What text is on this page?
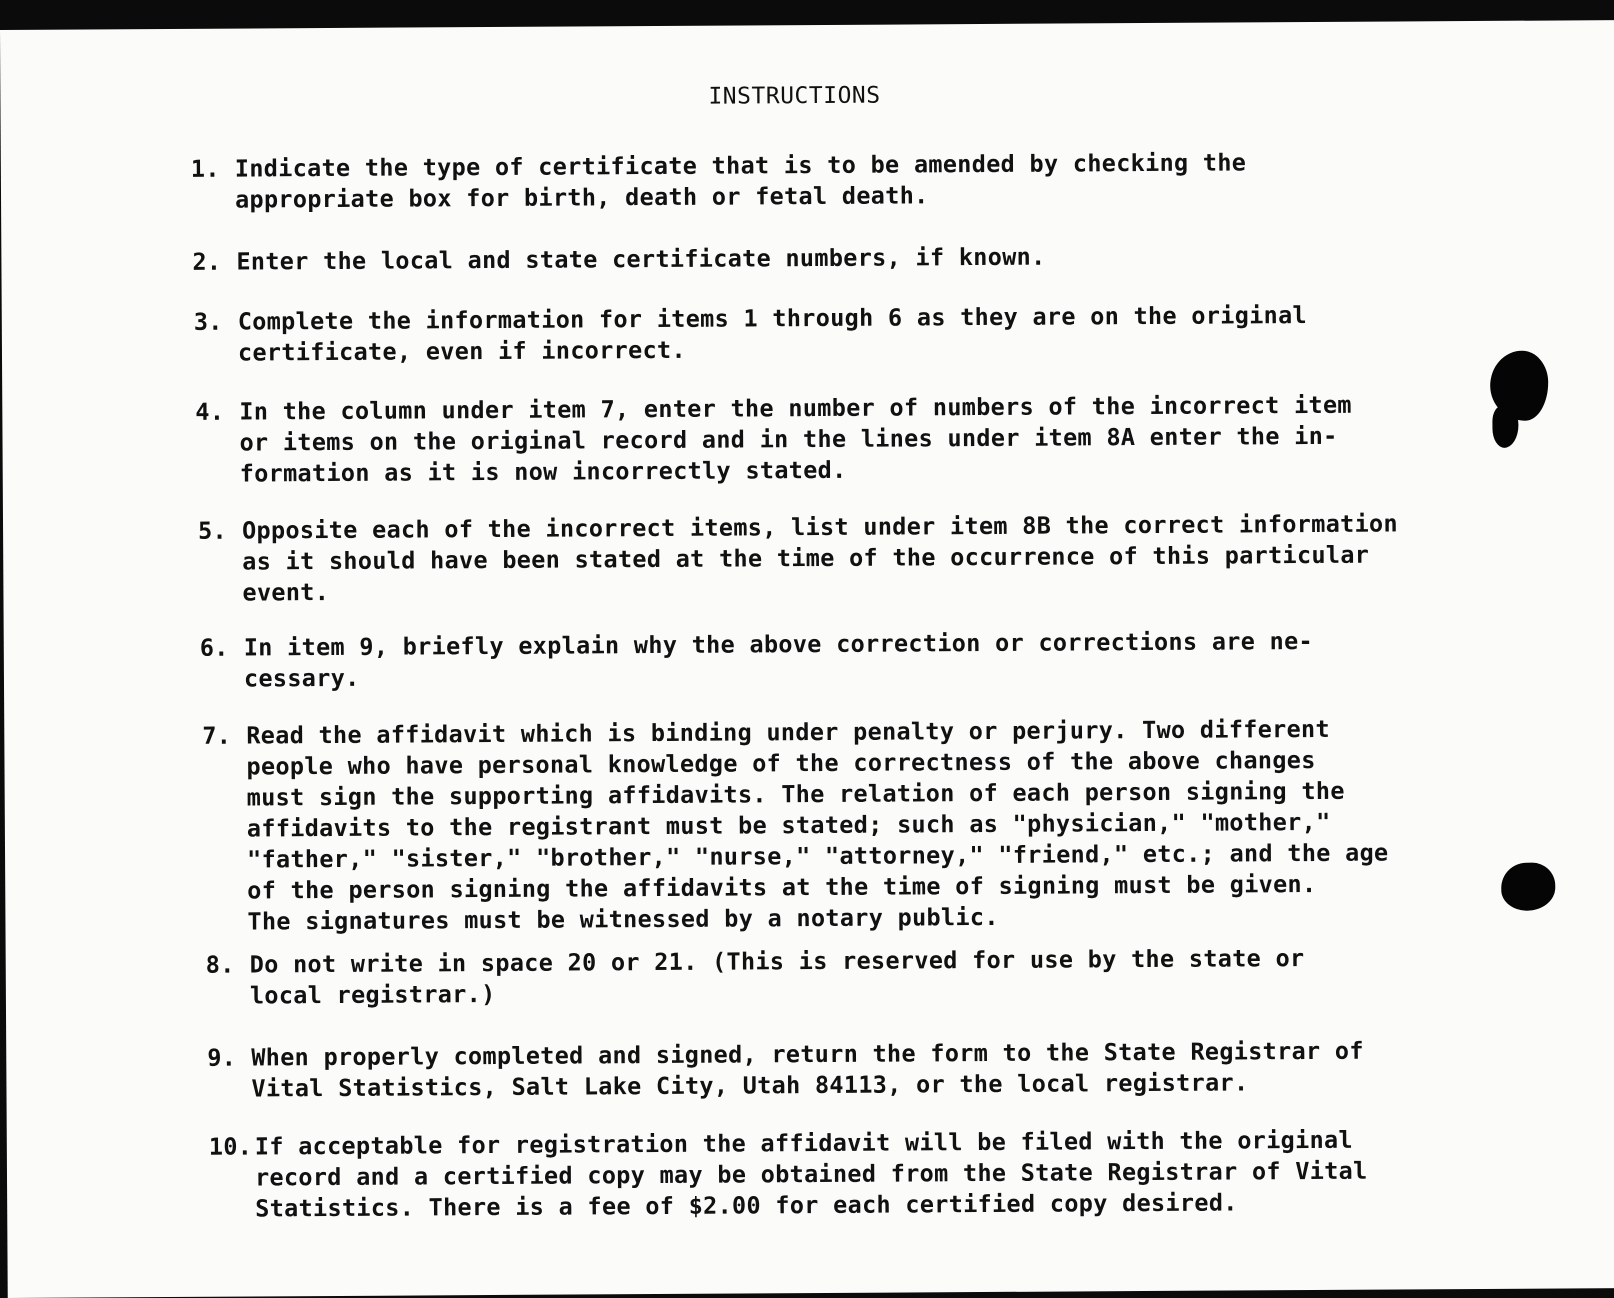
INSTRUCTIONS
1. Indicate the type of certificate that is to be amended by checking the
appropriate box for birth, death or fetal death.
2. Enter the local and state certificate numbers, if known.
3. Complete the information for items 1 through 6 as they are on the original
certificate, even if incorrect.
4. In the column under item 7, enter the number of numbers of the incorrect item
or items on the original record and in the lines under item 8A enter the in-
formation as it is now incorrectly stated.
5. Opposite each of the incorrect items, list under item 8B the correct information
as it should have been stated at the time of the occurrence of this particular
event.
6. In item 9, briefly explain why the above correction or corrections are ne-
cessary.
7. Read the affidavit which is binding under penalty or perjury. Two different
people who have personal knowledge of the correctness of the above changes
must sign the supporting affidavits. The relation of each person signing the
affidavits to the registrant must be stated; such as "physician," "mother,"
"father," "sister," "brother," "nurse," "attorney," "friend," etc.; and the age
of the person signing the affidavits at the time of signing must be given.
The signatures must be witnessed by a notary public.
8. Do not write in space 20 or 21. (This is reserved for use by the state or
local registrar.)
9. When properly completed and signed, return the form to the State Registrar of
Vital Statistics, Salt Lake City, Utah 84113, or the local registrar.
10. If acceptable for registration the affidavit will be filed with the original
record and a certified copy may be obtained from the State Registrar of Vital
Statistics. There is a fee of $2.00 for each certified copy desired.
